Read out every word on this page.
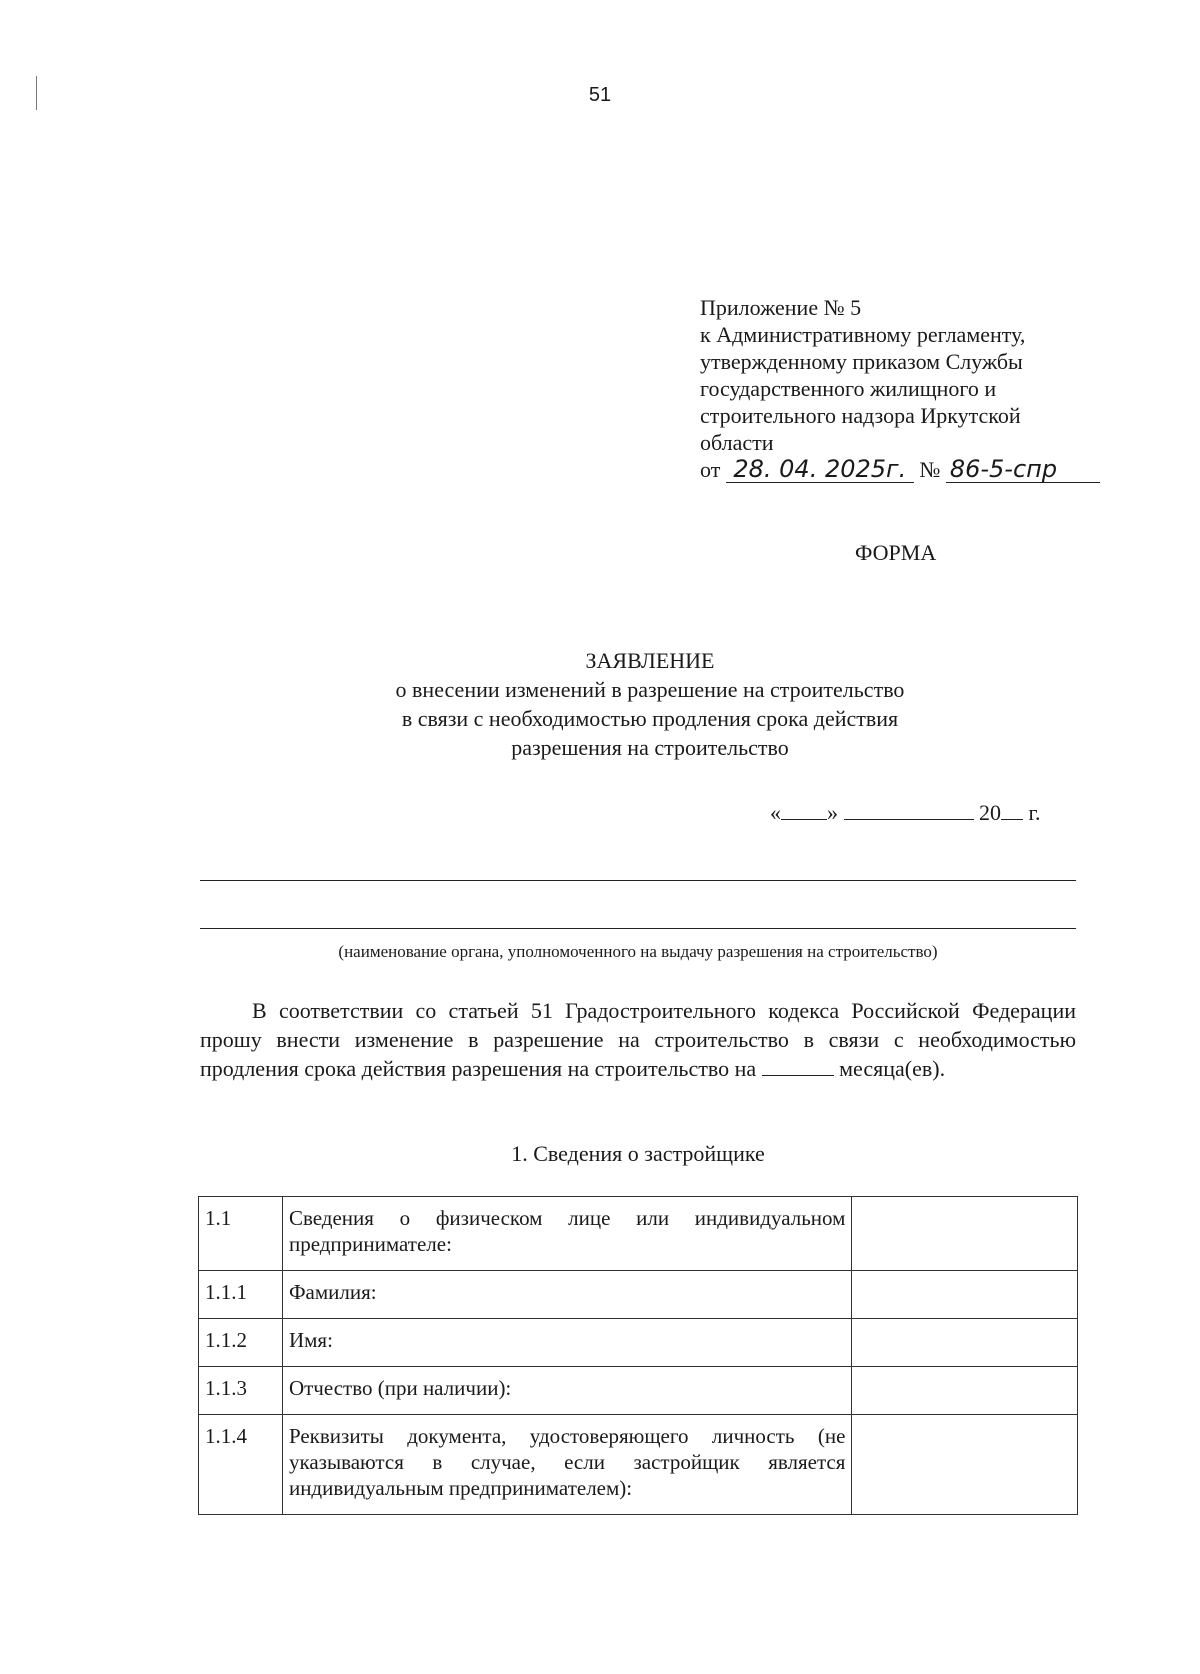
51
Приложение № 5
к Административному регламенту,
утвержденному приказом Службы
государственного жилищного и
строительного надзора Иркутской
области
от 28. 04. 2025г. № 86-5-спр
ФОРМА
ЗАЯВЛЕНИЕ
о внесении изменений в разрешение на строительство
в связи с необходимостью продления срока действия
разрешения на строительство
« »	20 г.
(наименование органа, уполномоченного на выдачу разрешения на строительство)
В соответствии со статьей 51 Градостроительного кодекса Российской Федерации прошу внести изменение в разрешение на строительство в связи с необходимостью продления срока действия разрешения на строительство на	месяца(ев).
1. Сведения о застройщике
1.1	Сведения о физическом лице или индивидуальном предпринимателе:	
1.1.1	Фамилия:	
1.1.2	Имя:	
1.1.3	Отчество (при наличии):	
1.1.4	Реквизиты документа, удостоверяющего личность (не указываются в случае, если застройщик является индивидуальным предпринимателем):	
